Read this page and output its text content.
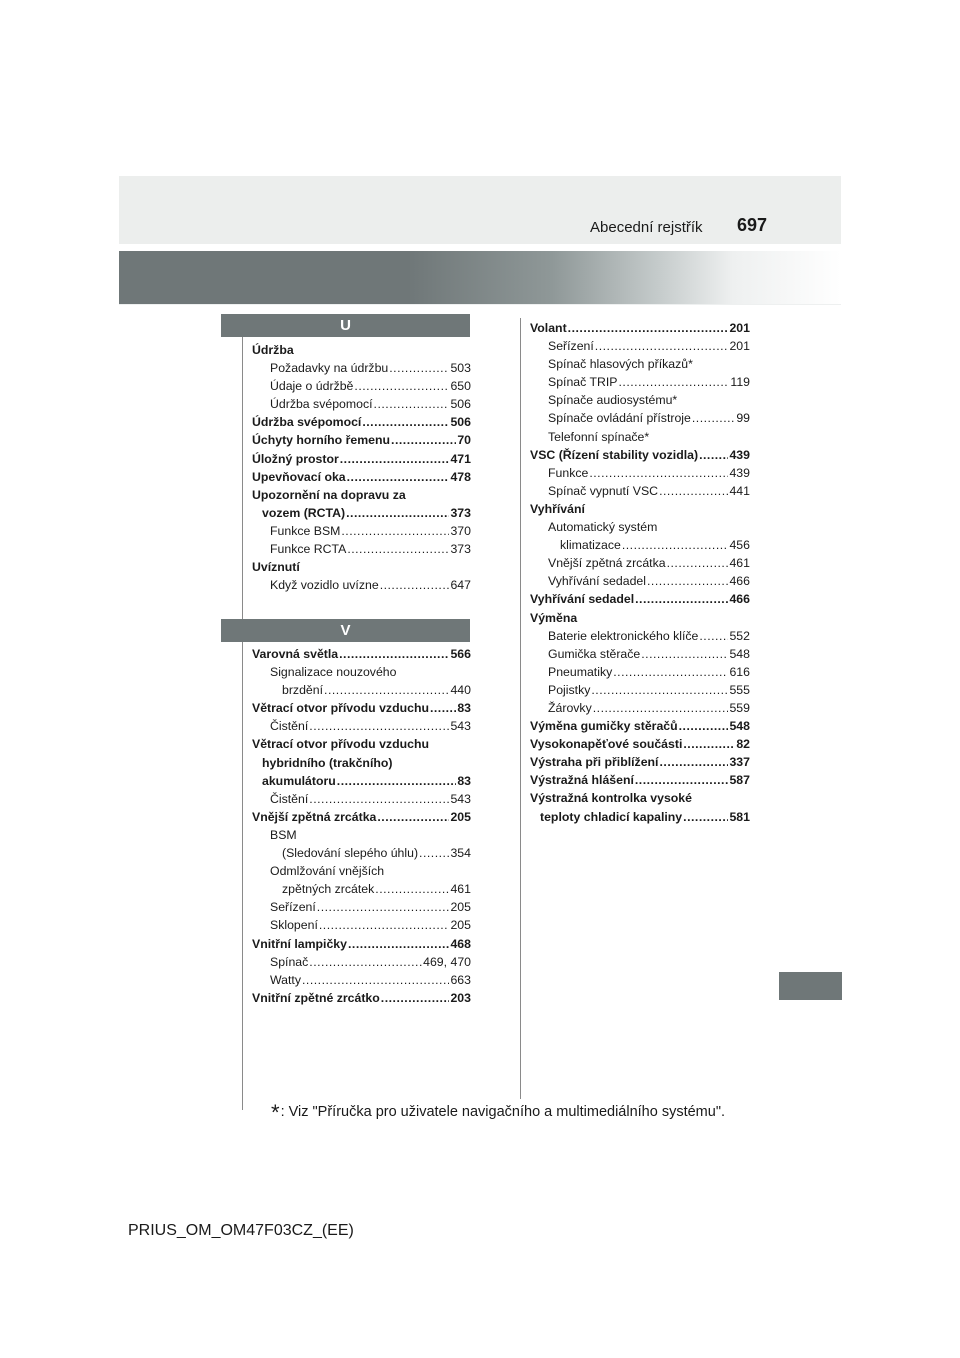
Abecední rejstřík 697
U
Údržba
Požadavky na údržbu .....	503
Údaje o údržbě .....	650
Údržba svépomocí .....	506
Údržba svépomocí .....	506
Úchyty horního řemenu .....	70
Úložný prostor .....	471
Upevňovací oka .....	478
Upozornění na dopravu za
vozem (RCTA) .....	373
Funkce BSM .....	370
Funkce RCTA .....	373
Uvíznutí
Když vozidlo uvízne .....	647
V
Varovná světla .....	566
Signalizace nouzového
brzdění .....	440
Větrací otvor přívodu vzduchu ..... 83
Čistění .....	543
Větrací otvor přívodu vzduchu
hybridního (trakčního)
akumulátoru .....	83
Čistění .....	543
Vnější zpětná zrcátka .....	205
BSM
(Sledování slepého úhlu) .....	354
Odmlžování vnějších
zpětných zrcátek .....	461
Seřízení .....	205
Sklopení .....	205
Vnitřní lampičky .....	468
Spínač .....	469, 470
Watty .....	663
Vnitřní zpětné zrcátko .....	203
Volant .....	201
Seřízení .....	201
Spínač hlasových příkazů*
Spínač TRIP .....	119
Spínače audiosystému*
Spínače ovládání přístroje .....	99
Telefonní spínače*
VSC (Řízení stability vozidla) .....	439
Funkce .....	439
Spínač vypnutí VSC .....	441
Vyhřívání
Automatický systém
klimatizace .....	456
Vnější zpětná zrcátka .....	461
Vyhřívání sedadel .....	466
Vyhřívání sedadel .....	466
Výměna
Baterie elektronického klíče .....	552
Gumička stěrače .....	548
Pneumatiky .....	616
Pojistky .....	555
Žárovky .....	559
Výměna gumičky stěračů .....	548
Vysokonapěťové součásti .....	82
Výstraha při přiblížení .....	337
Výstražná hlášení .....	587
Výstražná kontrolka vysoké
teploty chladicí kapaliny .....	581
*: Viz "Příručka pro uživatele navigačního a multimediálního systému".
PRIUS_OM_OM47F03CZ_(EE)
